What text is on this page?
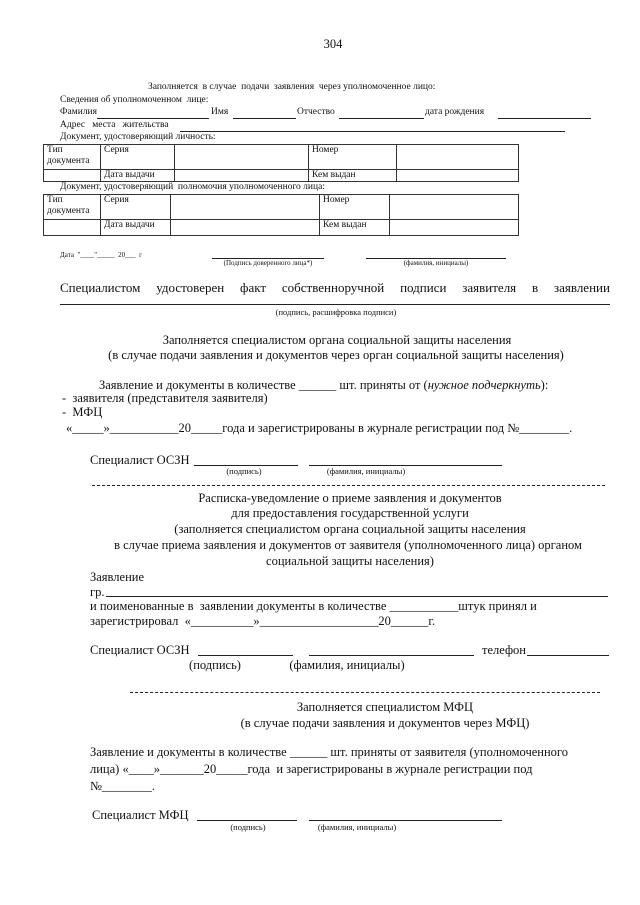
304
Заполняется  в случае  подачи  заявления  через уполномоченное лицо:
Сведения об уполномоченном  лице:
Фамилия	Имя	Отчество	дата рождения
Адрес   места   жительства
Документ, удостоверяющий личность:
Тип документа	Серия		Номер	
	Дата выдачи		Кем выдан	
Документ, удостоверяющий  полномочия уполномоченного лица:
Тип документа	Серия		Номер	
	Дата выдачи		Кем выдан	
Дата  "____"_____  20___  г
(Подпись доверенного лица*)	(фамилия, инициалы)
Специалистом удостоверен факт собственноручной подписи заявителя в заявлении
(подпись, расшифровка подписи)
Заполняется специалистом органа социальной защиты населения
(в случае подачи заявления и документов через орган социальной защиты населения)
Заявление и документы в количестве ______ шт. приняты от (нужное подчеркнуть):
-  заявителя (представителя заявителя)
-  МФЦ
«_____»___________20_____года и зарегистрированы в журнале регистрации под №________.
Специалист ОСЗН
(подпись)	(фамилия, инициалы)
Расписка-уведомление о приеме заявления и документов
для предоставления государственной услуги
(заполняется специалистом органа социальной защиты населения
в случае приема заявления и документов от заявителя (уполномоченного лица) органом
социальной защиты населения)
Заявление
гр.
и поименованные в  заявлении документы в количестве ___________штук принял и
зарегистрировал  «__________»___________________20______г.
Специалист ОСЗН	телефон
(подпись)	(фамилия, инициалы)
Заполняется специалистом МФЦ
(в случае подачи заявления и документов через МФЦ)
Заявление и документы в количестве ______ шт. приняты от заявителя (уполномоченного
лица) «____»_______20_____года  и зарегистрированы в журнале регистрации под
№________.
Специалист МФЦ
(подпись)	(фамилия, инициалы)
